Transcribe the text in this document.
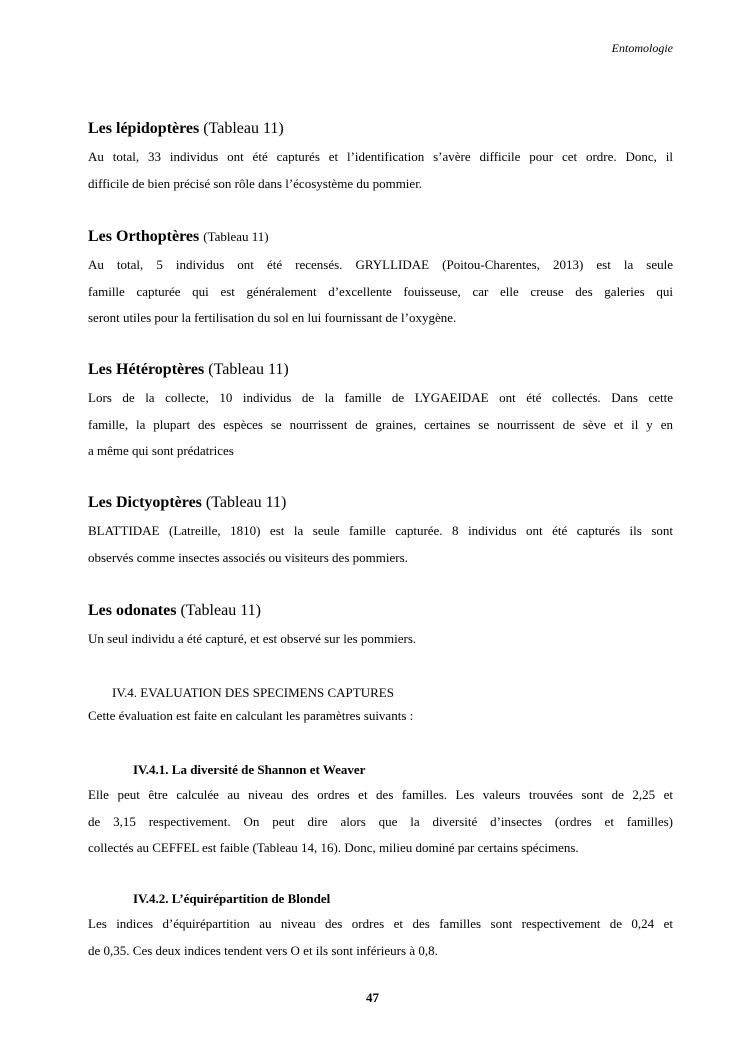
Entomologie
Les lépidoptères (Tableau 11)

Au total, 33 individus ont été capturés et l’identification s’avère difficile pour cet ordre. Donc, il
difficile de bien précisé son rôle dans l’écosystème du pommier.

Les Orthoptères (Tableau 11)

Au total, 5 individus ont été recensés. GRYLLIDAE (Poitou-Charentes, 2013) est la seule
famille capturée qui est généralement d’excellente fouisseuse, car elle creuse des galeries qui
seront utiles pour la fertilisation du sol en lui fournissant de l’oxygène.

Les Hétéroptères (Tableau 11)

Lors de la collecte, 10 individus de la famille de LYGAEIDAE ont été collectés. Dans cette
famille, la plupart des espèces se nourrissent de graines, certaines se nourrissent de sève et il y en
a même qui sont prédatrices

Les Dictyoptères (Tableau 11)

BLATTIDAE (Latreille, 1810) est la seule famille capturée. 8 individus ont été capturés ils sont
observés comme insectes associés ou visiteurs des pommiers.

Les odonates (Tableau 11)

Un seul individu a été capturé, et est observé sur les pommiers.

IV.4. EVALUATION DES SPECIMENS CAPTURES

Cette évaluation est faite en calculant les paramètres suivants :

IV.4.1. La diversité de Shannon et Weaver

Elle peut être calculée au niveau des ordres et des familles. Les valeurs trouvées sont de 2,25 et
de 3,15 respectivement. On peut dire alors que la diversité d’insectes (ordres et familles)
collectés au CEFFEL est faible (Tableau 14, 16). Donc, milieu dominé par certains spécimens.

IV.4.2. L’équirépartition de Blondel

Les indices d’équirépartition au niveau des ordres et des familles sont respectivement de 0,24 et
de 0,35. Ces deux indices tendent vers O et ils sont inférieurs à 0,8.

47
